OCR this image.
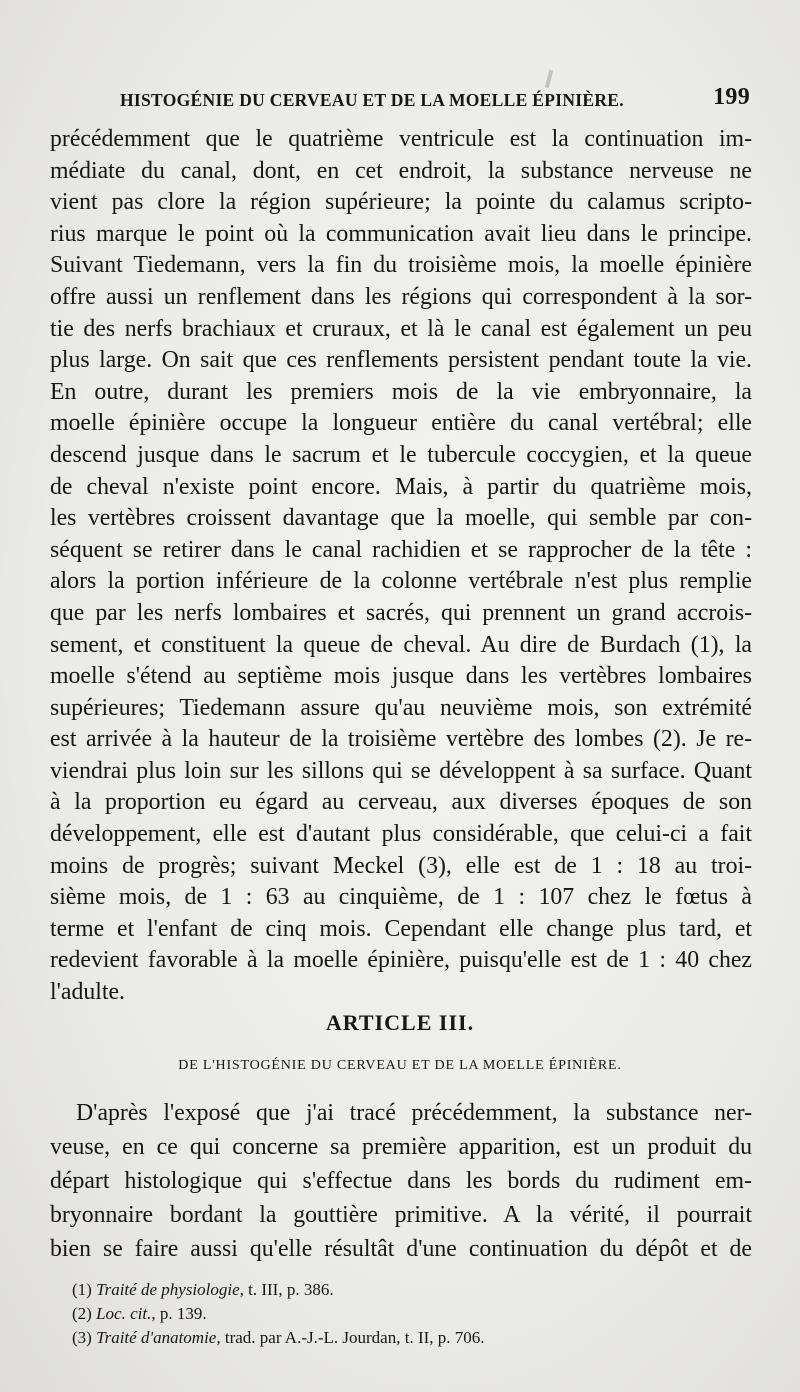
HISTOGÉNIE DU CERVEAU ET DE LA MOELLE ÉPINIÈRE.	199
précédemment que le quatrième ventricule est la continuation im-
médiate du canal, dont, en cet endroit, la substance nerveuse ne
vient pas clore la région supérieure; la pointe du calamus scripto-
rius marque le point où la communication avait lieu dans le principe.
Suivant Tiedemann, vers la fin du troisième mois, la moelle épinière
offre aussi un renflement dans les régions qui correspondent à la sor-
tie des nerfs brachiaux et cruraux, et là le canal est également un peu
plus large. On sait que ces renflements persistent pendant toute la vie.
En outre, durant les premiers mois de la vie embryonnaire, la
moelle épinière occupe la longueur entière du canal vertébral; elle
descend jusque dans le sacrum et le tubercule coccygien, et la queue
de cheval n'existe point encore. Mais, à partir du quatrième mois,
les vertèbres croissent davantage que la moelle, qui semble par con-
séquent se retirer dans le canal rachidien et se rapprocher de la tête :
alors la portion inférieure de la colonne vertébrale n'est plus remplie
que par les nerfs lombaires et sacrés, qui prennent un grand accrois-
sement, et constituent la queue de cheval. Au dire de Burdach (1), la
moelle s'étend au septième mois jusque dans les vertèbres lombaires
supérieures; Tiedemann assure qu'au neuvième mois, son extrémité
est arrivée à la hauteur de la troisième vertèbre des lombes (2). Je re-
viendrai plus loin sur les sillons qui se développent à sa surface. Quant
à la proportion eu égard au cerveau, aux diverses époques de son
développement, elle est d'autant plus considérable, que celui-ci a fait
moins de progrès; suivant Meckel (3), elle est de 1 : 18 au troi-
sième mois, de 1 : 63 au cinquième, de 1 : 107 chez le fœtus à
terme et l'enfant de cinq mois. Cependant elle change plus tard, et
redevient favorable à la moelle épinière, puisqu'elle est de 1 : 40 chez
l'adulte.
ARTICLE III.
DE L'HISTOGÉNIE DU CERVEAU ET DE LA MOELLE ÉPINIÈRE.
D'après l'exposé que j'ai tracé précédemment, la substance ner-
veuse, en ce qui concerne sa première apparition, est un produit du
départ histologique qui s'effectue dans les bords du rudiment em-
bryonnaire bordant la gouttière primitive. A la vérité, il pourrait
bien se faire aussi qu'elle résultât d'une continuation du dépôt et de
(1) Traité de physiologie, t. III, p. 386.
(2) Loc. cit., p. 139.
(3) Traité d'anatomie, trad. par A.-J.-L. Jourdan, t. II, p. 706.
